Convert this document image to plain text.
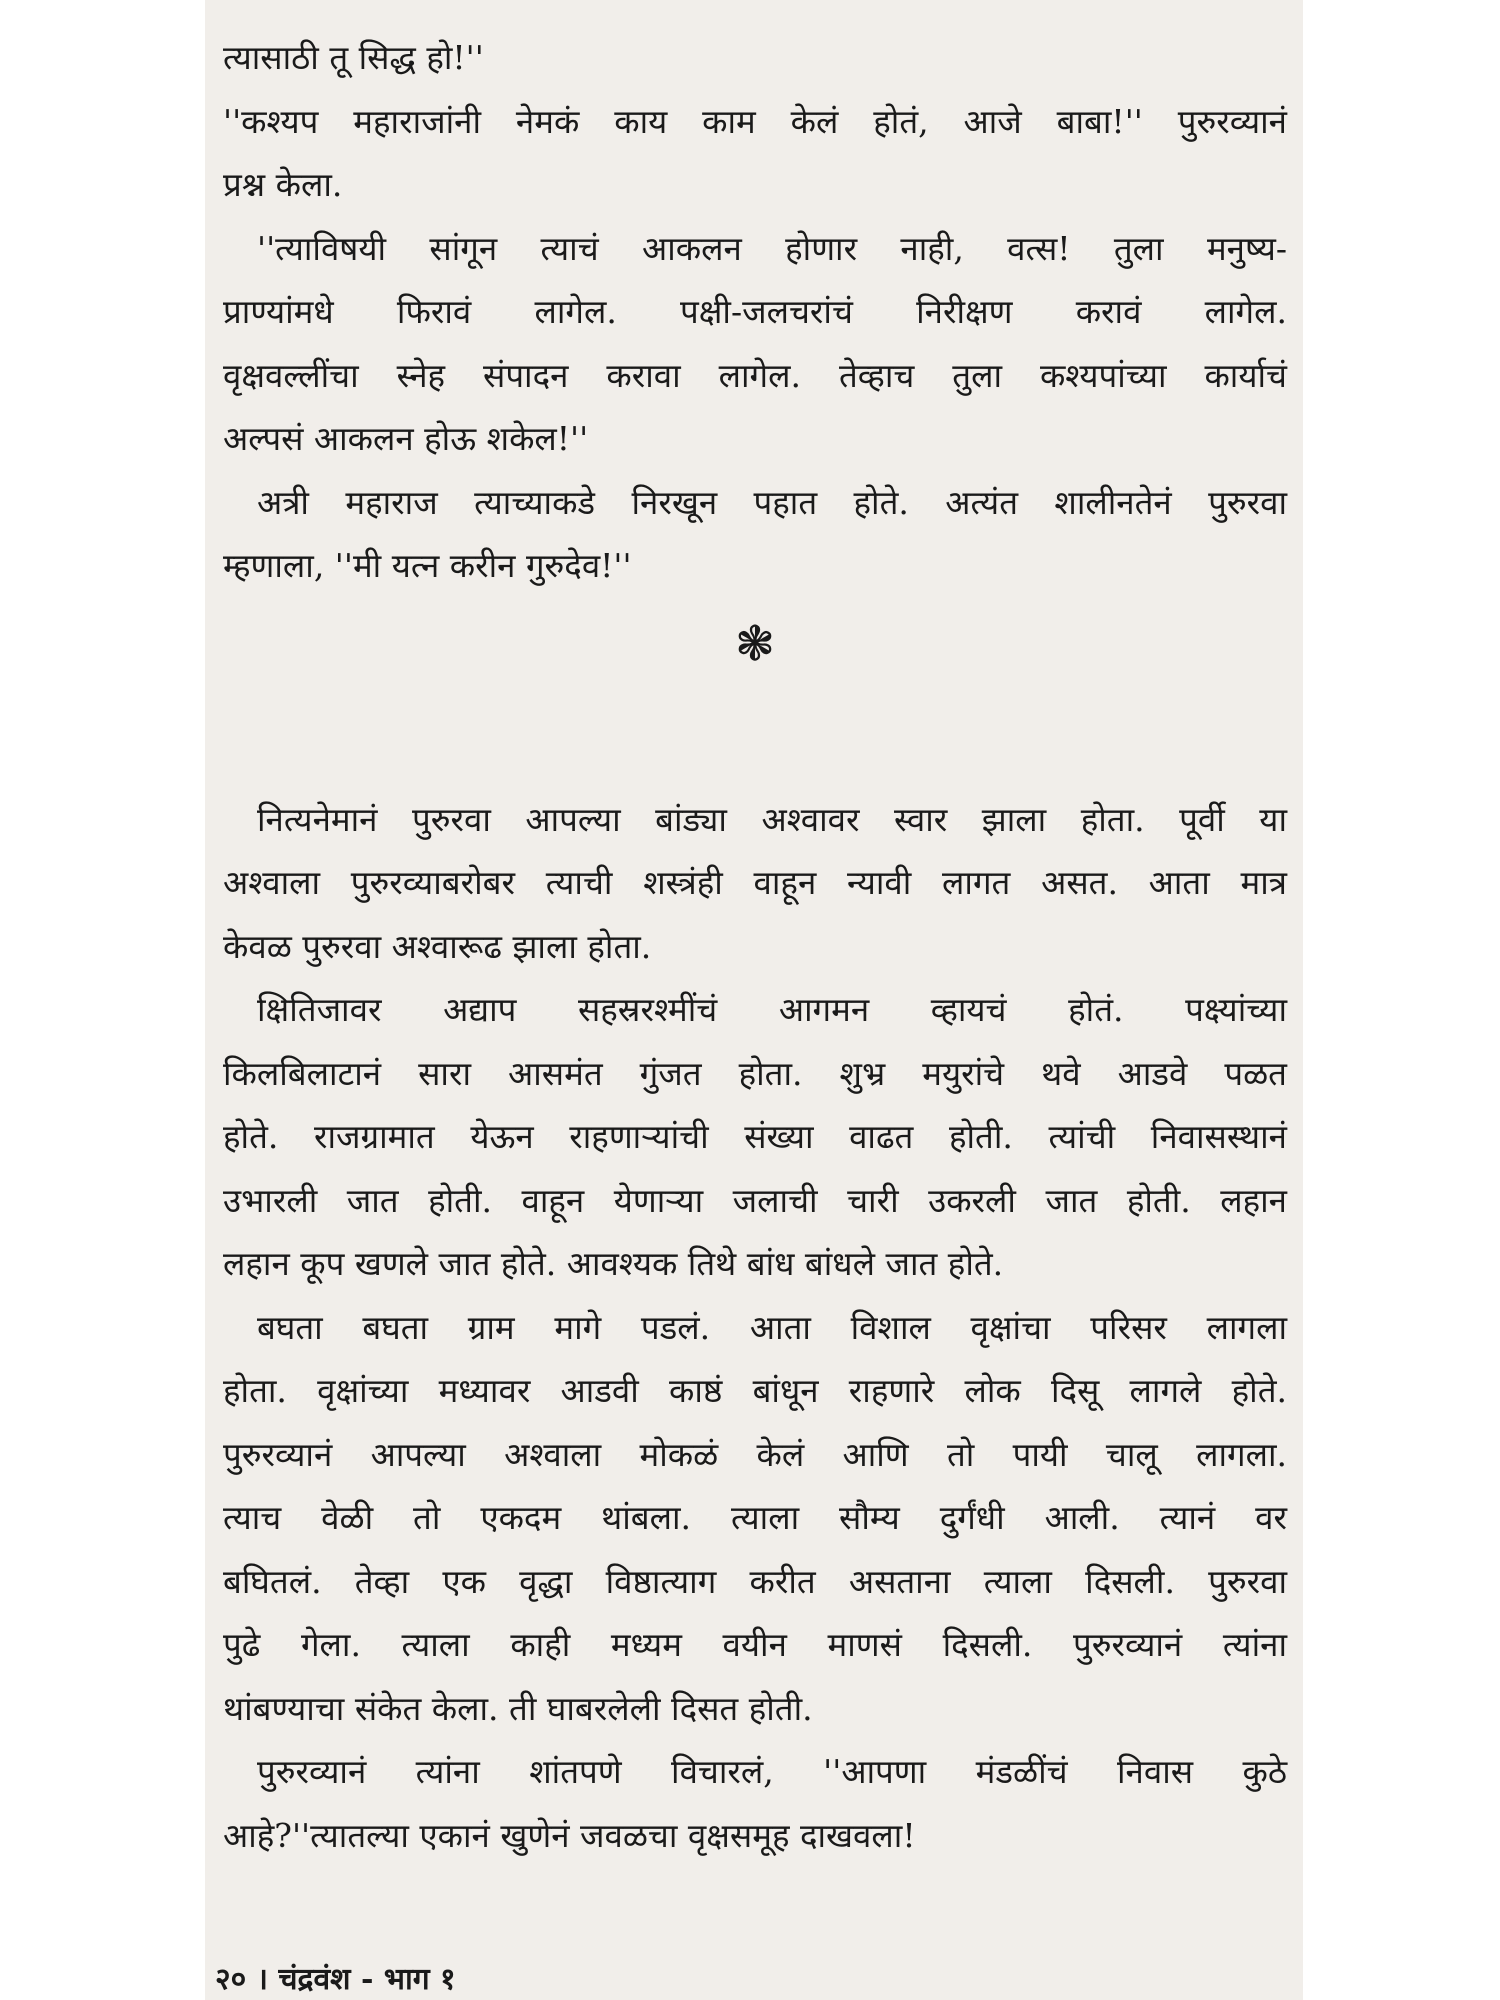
त्यासाठी तू सिद्ध हो!''
''कश्यप महाराजांनी नेमकं काय काम केलं होतं, आजे बाबा!'' पुरुरव्यानं
प्रश्न केला.
''त्याविषयी सांगून त्याचं आकलन होणार नाही, वत्स! तुला मनुष्य-
प्राण्यांमधे फिरावं लागेल. पक्षी-जलचरांचं निरीक्षण करावं लागेल.
वृक्षवल्लींचा स्नेह संपादन करावा लागेल. तेव्हाच तुला कश्यपांच्या कार्याचं
अल्पसं आकलन होऊ शकेल!''
अत्री महाराज त्याच्याकडे निरखून पहात होते. अत्यंत शालीनतेनं पुरुरवा
म्हणाला, ''मी यत्न करीन गुरुदेव!''
❃
नित्यनेमानं पुरुरवा आपल्या बांड्या अश्वावर स्वार झाला होता. पूर्वी या
अश्वाला पुरुरव्याबरोबर त्याची शस्त्रंही वाहून न्यावी लागत असत. आता मात्र
केवळ पुरुरवा अश्वारूढ झाला होता.
क्षितिजावर अद्याप सहस्ररश्मींचं आगमन व्हायचं होतं. पक्ष्यांच्या
किलबिलाटानं सारा आसमंत गुंजत होता. शुभ्र मयुरांचे थवे आडवे पळत
होते. राजग्रामात येऊन राहणाऱ्यांची संख्या वाढत होती. त्यांची निवासस्थानं
उभारली जात होती. वाहून येणाऱ्या जलाची चारी उकरली जात होती. लहान
लहान कूप खणले जात होते. आवश्यक तिथे बांध बांधले जात होते.
बघता बघता ग्राम मागे पडलं. आता विशाल वृक्षांचा परिसर लागला
होता. वृक्षांच्या मध्यावर आडवी काष्ठं बांधून राहणारे लोक दिसू लागले होते.
पुरुरव्यानं आपल्या अश्वाला मोकळं केलं आणि तो पायी चालू लागला.
त्याच वेळी तो एकदम थांबला. त्याला सौम्य दुर्गंधी आली. त्यानं वर
बघितलं. तेव्हा एक वृद्धा विष्ठात्याग करीत असताना त्याला दिसली. पुरुरवा
पुढे गेला. त्याला काही मध्यम वयीन माणसं दिसली. पुरुरव्यानं त्यांना
थांबण्याचा संकेत केला. ती घाबरलेली दिसत होती.
पुरुरव्यानं त्यांना शांतपणे विचारलं, ''आपणा मंडळींचं निवास कुठे
आहे?''त्यातल्या एकानं खुणेनं जवळचा वृक्षसमूह दाखवला!
२० । चंद्रवंश - भाग १
